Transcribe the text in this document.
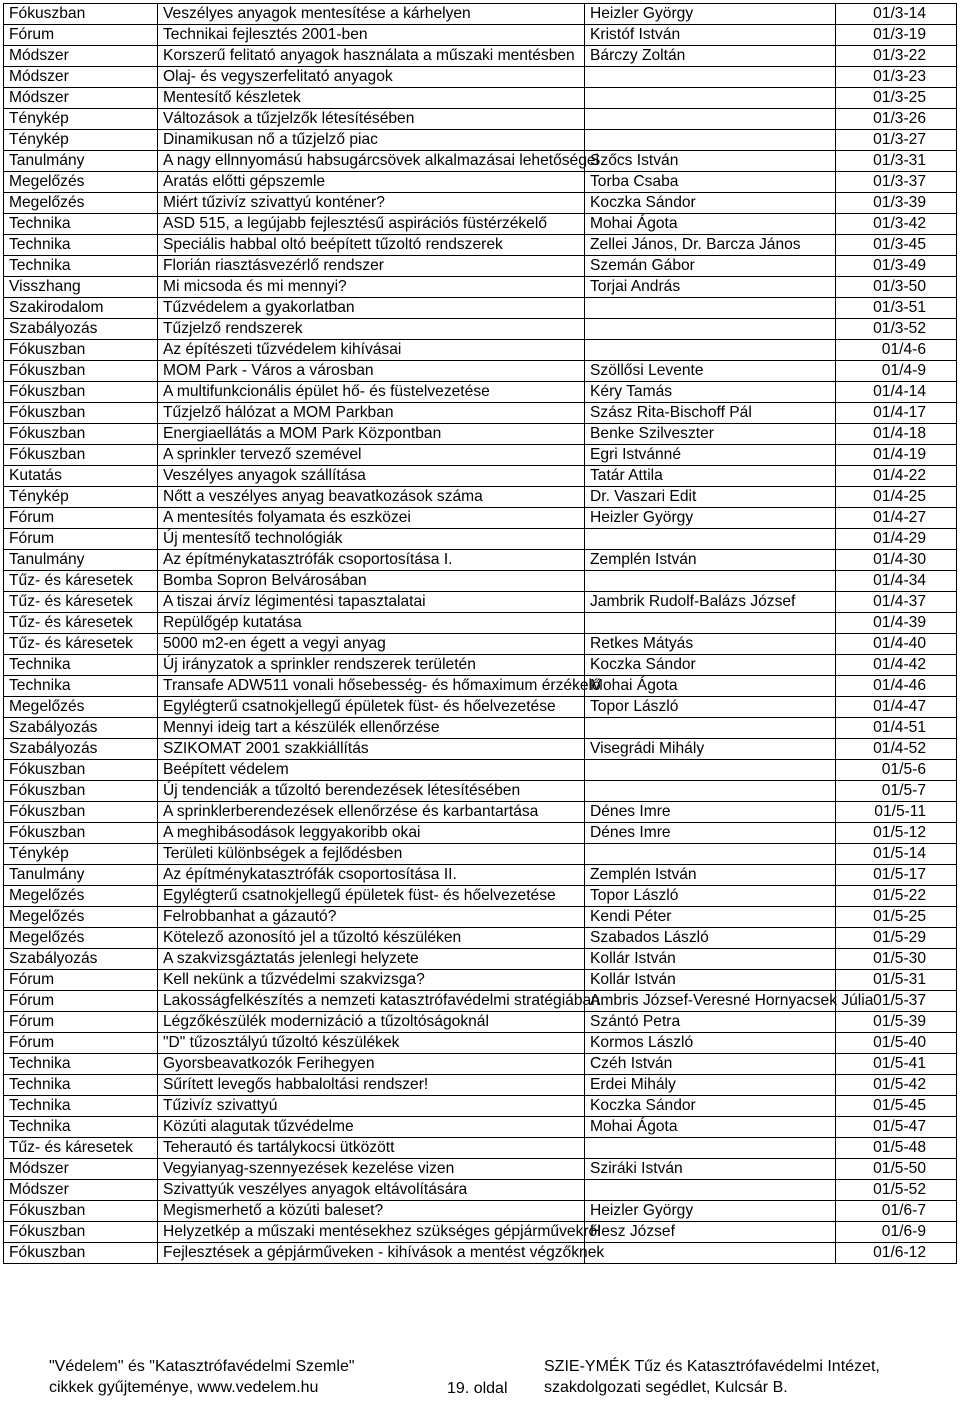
Fókuszban	Veszélyes anyagok mentesítése a kárhelyen	Heizler György	01/3-14
Fórum	Technikai fejlesztés 2001-ben	Kristóf István	01/3-19
Módszer	Korszerű felitató anyagok használata a műszaki mentésben	Bárczy Zoltán	01/3-22
Módszer	Olaj- és vegyszerfelitató anyagok		01/3-23
Módszer	Mentesítő készletek		01/3-25
Ténykép	Változások a tűzjelzők létesítésében		01/3-26
Ténykép	Dinamikusan nő a tűzjelző piac		01/3-27
Tanulmány	A nagy ellnnyomású habsugárcsövek alkalmazásai lehetőségei	Szőcs István	01/3-31
Megelőzés	Aratás előtti gépszemle	Torba Csaba	01/3-37
Megelőzés	Miért tűzivíz szivattyú konténer?	Koczka Sándor	01/3-39
Technika	ASD 515, a legújabb fejlesztésű aspirációs füstérzékelő	Mohai Ágota	01/3-42
Technika	Speciális habbal oltó beépített tűzoltó rendszerek	Zellei János, Dr. Barcza János	01/3-45
Technika	Florián riasztásvezérlő rendszer	Szemán Gábor	01/3-49
Visszhang	Mi micsoda és mi mennyi?	Torjai András	01/3-50
Szakirodalom	Tűzvédelem a gyakorlatban		01/3-51
Szabályozás	Tűzjelző rendszerek		01/3-52
Fókuszban	Az építészeti tűzvédelem kihívásai		01/4-6
Fókuszban	MOM Park - Város a városban	Szöllősi Levente	01/4-9
Fókuszban	A multifunkcionális épület hő- és füstelvezetése	Kéry Tamás	01/4-14
Fókuszban	Tűzjelző hálózat a MOM Parkban	Szász Rita-Bischoff Pál	01/4-17
Fókuszban	Energiaellátás a MOM Park Központban	Benke Szilveszter	01/4-18
Fókuszban	A sprinkler tervező szemével	Egri Istvánné	01/4-19
Kutatás	Veszélyes anyagok szállítása	Tatár Attila	01/4-22
Ténykép	Nőtt a veszélyes anyag beavatkozások száma	Dr. Vaszari Edit	01/4-25
Fórum	A mentesítés folyamata és eszközei	Heizler György	01/4-27
Fórum	Új mentesítő technológiák		01/4-29
Tanulmány	Az építménykatasztrófák csoportosítása I.	Zemplén István	01/4-30
Tűz- és káresetek	Bomba Sopron Belvárosában		01/4-34
Tűz- és káresetek	A tiszai árvíz légimentési tapasztalatai	Jambrik Rudolf-Balázs József	01/4-37
Tűz- és káresetek	Repülőgép kutatása		01/4-39
Tűz- és káresetek	5000 m2-en égett a vegyi anyag	Retkes Mátyás	01/4-40
Technika	Új irányzatok a sprinkler rendszerek területén	Koczka Sándor	01/4-42
Technika	Transafe ADW511 vonali hősebesség- és hőmaximum érzékelő	Mohai Ágota	01/4-46
Megelőzés	Egylégterű csatnokjellegű épületek füst- és hőelvezetése	Topor László	01/4-47
Szabályozás	Mennyi ideig tart a készülék ellenőrzése		01/4-51
Szabályozás	SZIKOMAT 2001 szakkiállítás	Visegrádi Mihály	01/4-52
Fókuszban	Beépített védelem		01/5-6
Fókuszban	Új tendenciák a tűzoltó berendezések létesítésében		01/5-7
Fókuszban	A sprinklerberendezések ellenőrzése és karbantartása	Dénes Imre	01/5-11
Fókuszban	A meghibásodások leggyakoribb okai	Dénes Imre	01/5-12
Ténykép	Területi különbségek a fejlődésben		01/5-14
Tanulmány	Az építménykatasztrófák csoportosítása II.	Zemplén István	01/5-17
Megelőzés	Egylégterű csatnokjellegű épületek füst- és hőelvezetése	Topor László	01/5-22
Megelőzés	Felrobbanhat a gázautó?	Kendi Péter	01/5-25
Megelőzés	Kötelező azonosító jel a tűzoltó készüléken	Szabados László	01/5-29
Szabályozás	A szakvizsgáztatás jelenlegi helyzete	Kollár István	01/5-30
Fórum	Kell nekünk a tűzvédelmi szakvizsga?	Kollár István	01/5-31
Fórum	Lakosságfelkészítés a nemzeti katasztrófavédelmi stratégiában	Ambris József-Veresné Hornyacsek Júlia	01/5-37
Fórum	Légzőkészülék modernizáció a tűzoltóságoknál	Szántó Petra	01/5-39
Fórum	"D" tűzosztályú tűzoltó készülékek	Kormos László	01/5-40
Technika	Gyorsbeavatkozók Ferihegyen	Czéh István	01/5-41
Technika	Sűrített levegős habbaloltási rendszer!	Erdei Mihály	01/5-42
Technika	Tűzivíz szivattyú	Koczka Sándor	01/5-45
Technika	Közúti alagutak tűzvédelme	Mohai Ágota	01/5-47
Tűz- és káresetek	Teherautó és tartálykocsi ütközött		01/5-48
Módszer	Vegyianyag-szennyezések kezelése vizen	Sziráki István	01/5-50
Módszer	Szivattyúk veszélyes anyagok eltávolítására		01/5-52
Fókuszban	Megismerhető a közúti baleset?	Heizler György	01/6-7
Fókuszban	Helyzetkép a műszaki mentésekhez szükséges gépjárművekről	Hesz József	01/6-9
Fókuszban	Fejlesztések a gépjárműveken - kihívások a mentést végzőknek		01/6-12
"Védelem" és "Katasztrófavédelmi Szemle"
cikkek gyűjteménye, www.vedelem.hu	19. oldal
SZIE-YMÉK Tűz és Katasztrófavédelmi Intézet,
szakdolgozati segédlet, Kulcsár B.
